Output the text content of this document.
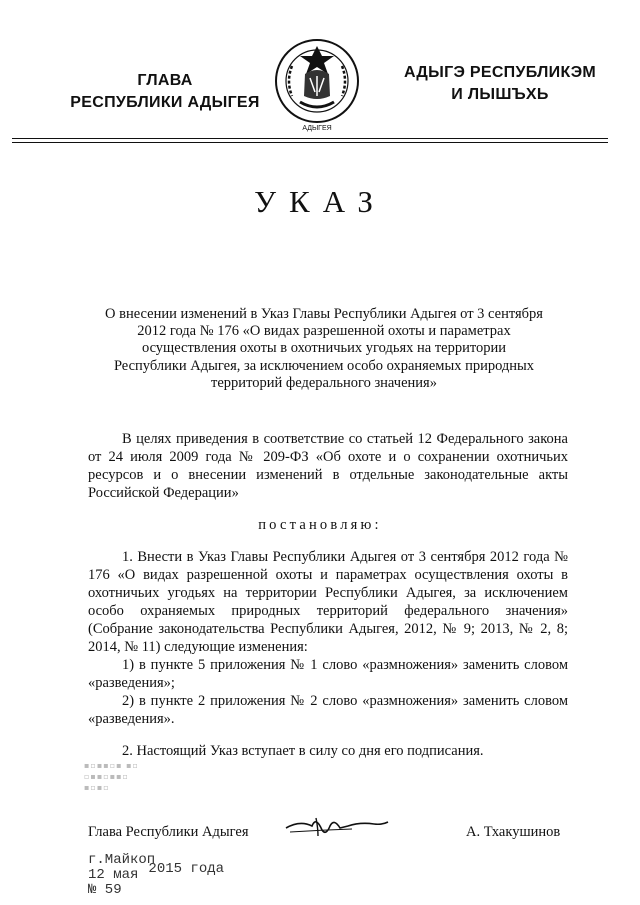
ГЛАВА
РЕСПУБЛИКИ АДЫГЕЯ
АДЫГЕЯ
АДЫГЭ РЕСПУБЛИКЭМ
И ЛЫШЪХЬ
УКАЗ
О внесении изменений в Указ Главы Республики Адыгея от 3 сентября 2012 года № 176 «О видах разрешенной охоты и параметрах осуществления охоты в охотничьих угодьях на территории Республики Адыгея, за исключением особо охраняемых природных территорий федерального значения»
В целях приведения в соответствие со статьей 12 Федерального закона от 24 июля 2009 года № 209-ФЗ «Об охоте и о сохранении охотничьих ресурсов и о внесении изменений в отдельные законодательные акты Российской Федерации»
постановляю:

1. Внести в Указ Главы Республики Адыгея от 3 сентября 2012 года № 176 «О видах разрешенной охоты и параметрах осуществления охоты в охотничьих угодьях на территории Республики Адыгея, за исключением особо охраняемых природных территорий федерального значения» (Собрание законодательства Республики Адыгея, 2012, № 9; 2013, № 2, 8; 2014, № 11) следующие изменения:

1) в пункте 5 приложения № 1 слово «размножения» заменить словом «разведения»;

2) в пункте 2 приложения № 2 слово «размножения» заменить словом «разведения».

2. Настоящий Указ вступает в силу со дня его подписания.

▪▫▪▪▫▪ ▪▫
▫▪▪▫▪▪▫
▪▫▪▫
Глава Республики Адыгея	А. Тхакушинов
г.Майкоп
12 мая 2015 года
№ 59
